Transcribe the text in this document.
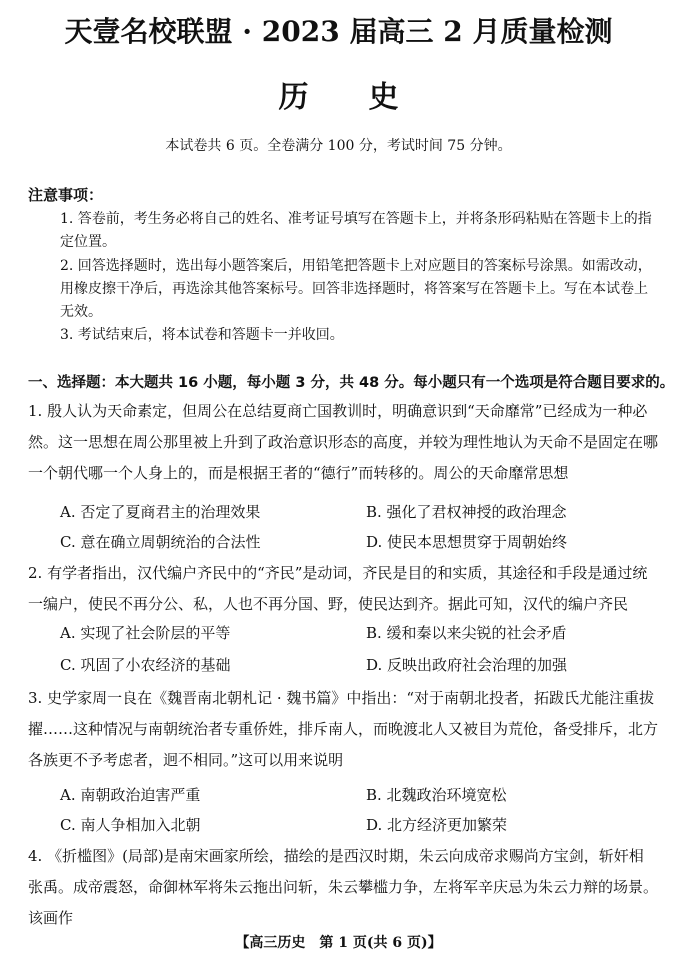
天壹名校联盟 · 2023 届高三 2 月质量检测
历史
本试卷共 6 页。全卷满分 100 分，考试时间 75 分钟。
注意事项：
1. 答卷前，考生务必将自己的姓名、准考证号填写在答题卡上，并将条形码粘贴在答题卡上的指定位置。
2. 回答选择题时，选出每小题答案后，用铅笔把答题卡上对应题目的答案标号涂黑。如需改动，用橡皮擦干净后，再选涂其他答案标号。回答非选择题时，将答案写在答题卡上。写在本试卷上无效。
3. 考试结束后，将本试卷和答题卡一并收回。
一、选择题：本大题共 16 小题，每小题 3 分，共 48 分。每小题只有一个选项是符合题目要求的。
1. 殷人认为天命素定，但周公在总结夏商亡国教训时，明确意识到“天命靡常”已经成为一种必然。这一思想在周公那里被上升到了政治意识形态的高度，并较为理性地认为天命不是固定在哪一个朝代哪一个人身上的，而是根据王者的“德行”而转移的。周公的天命靡常思想
A. 否定了夏商君主的治理效果	B. 强化了君权神授的政治理念
C. 意在确立周朝统治的合法性	D. 使民本思想贯穿于周朝始终
2. 有学者指出，汉代编户齐民中的“齐民”是动词，齐民是目的和实质，其途径和手段是通过统一编户，使民不再分公、私，人也不再分国、野，使民达到齐。据此可知，汉代的编户齐民
A. 实现了社会阶层的平等	B. 缓和秦以来尖锐的社会矛盾
C. 巩固了小农经济的基础	D. 反映出政府社会治理的加强
3. 史学家周一良在《魏晋南北朝札记 · 魏书篇》中指出：“对于南朝北投者，拓跋氏尤能注重拔擢……这种情况与南朝统治者专重侨姓，排斥南人，而晚渡北人又被目为荒伧，备受排斥，北方各族更不予考虑者，迥不相同。”这可以用来说明
A. 南朝政治迫害严重	B. 北魏政治环境宽松
C. 南人争相加入北朝	D. 北方经济更加繁荣
4. 《折槛图》(局部)是南宋画家所绘，描绘的是西汉时期，朱云向成帝求赐尚方宝剑，斩奸相张禹。成帝震怒，命御林军将朱云拖出问斩，朱云攀槛力争，左将军辛庆忌为朱云力辩的场景。该画作
【高三历史　第 1 页(共 6 页)】
